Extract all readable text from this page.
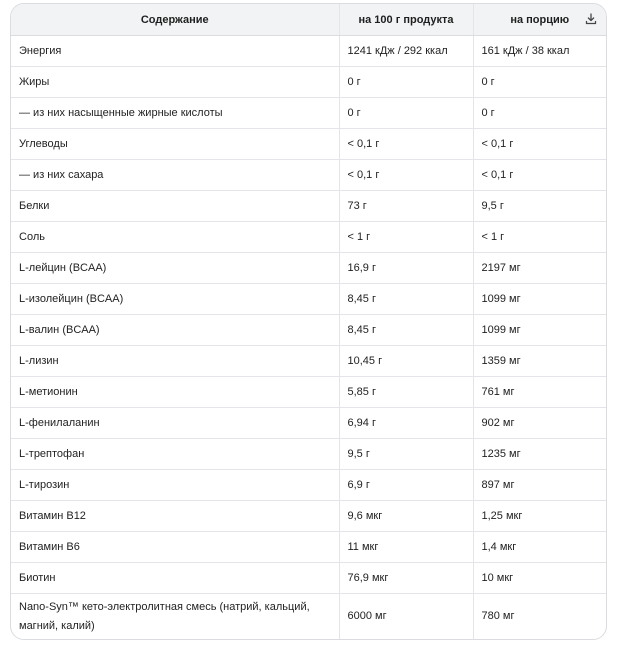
Содержание	на 100 г продукта	на порцию

Энергия	1241 кДж / 292 ккал	161 кДж / 38 ккал
Жиры	0 г	0 г
— из них насыщенные жирные кислоты	0 г	0 г
Углеводы	< 0,1 г	< 0,1 г
— из них сахара	< 0,1 г	< 0,1 г
Белки	73 г	9,5 г
Соль	< 1 г	< 1 г
L-лейцин (BCAA)	16,9 г	2197 мг
L-изолейцин (BCAA)	8,45 г	1099 мг
L-валин (BCAA)	8,45 г	1099 мг
L-лизин	10,45 г	1359 мг
L-метионин	5,85 г	761 мг
L-фенилаланин	6,94 г	902 мг
L-трептофан	9,5 г	1235 мг
L-тирозин	6,9 г	897 мг
Витамин B12	9,6 мкг	1,25 мкг
Витамин B6	11 мкг	1,4 мкг
Биотин	76,9 мкг	10 мкг
Nano-Syn™ кето-электролитная смесь (натрий, кальций, магний, калий)	6000 мг	780 мг
